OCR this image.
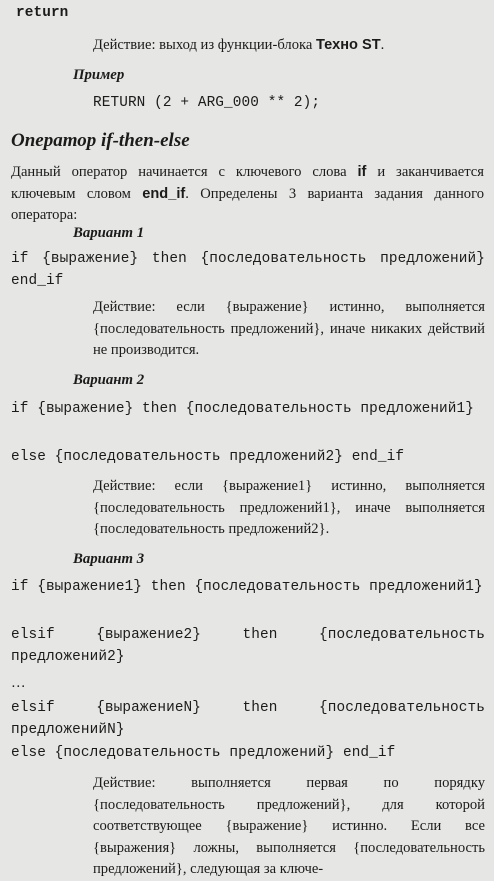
return
Действие: выход из функции-блока Техно ST.
Пример
RETURN (2 + ARG_000 ** 2);
Оператор if-then-else
Данный оператор начинается с ключевого слова if и заканчивается ключевым словом end_if. Определены 3 варианта задания данного оператора:
Вариант 1
if {выражение} then {последовательность предложений} end_if
Действие: если {выражение} истинно, выполняется {последовательность предложений}, иначе никаких действий не производится.
Вариант 2
if {выражение} then {последовательность предложений1}
else {последовательность предложений2} end_if
Действие: если {выражение1} истинно, выполняется {последовательность предложений1}, иначе выполняется {последовательность предложений2}.
Вариант 3
if {выражение1} then {последовательность предложений1}
elsif {выражение2} then {последовательность предложений2}
…
elsif {выражениеN} then {последовательность предложенийN}
else {последовательность предложений} end_if
Действие: выполняется первая по порядку {последовательность предложений}, для которой соответствующее {выражение} истинно. Если все {выражения} ложны, выполняется {последовательность предложений}, следующая за ключе-
